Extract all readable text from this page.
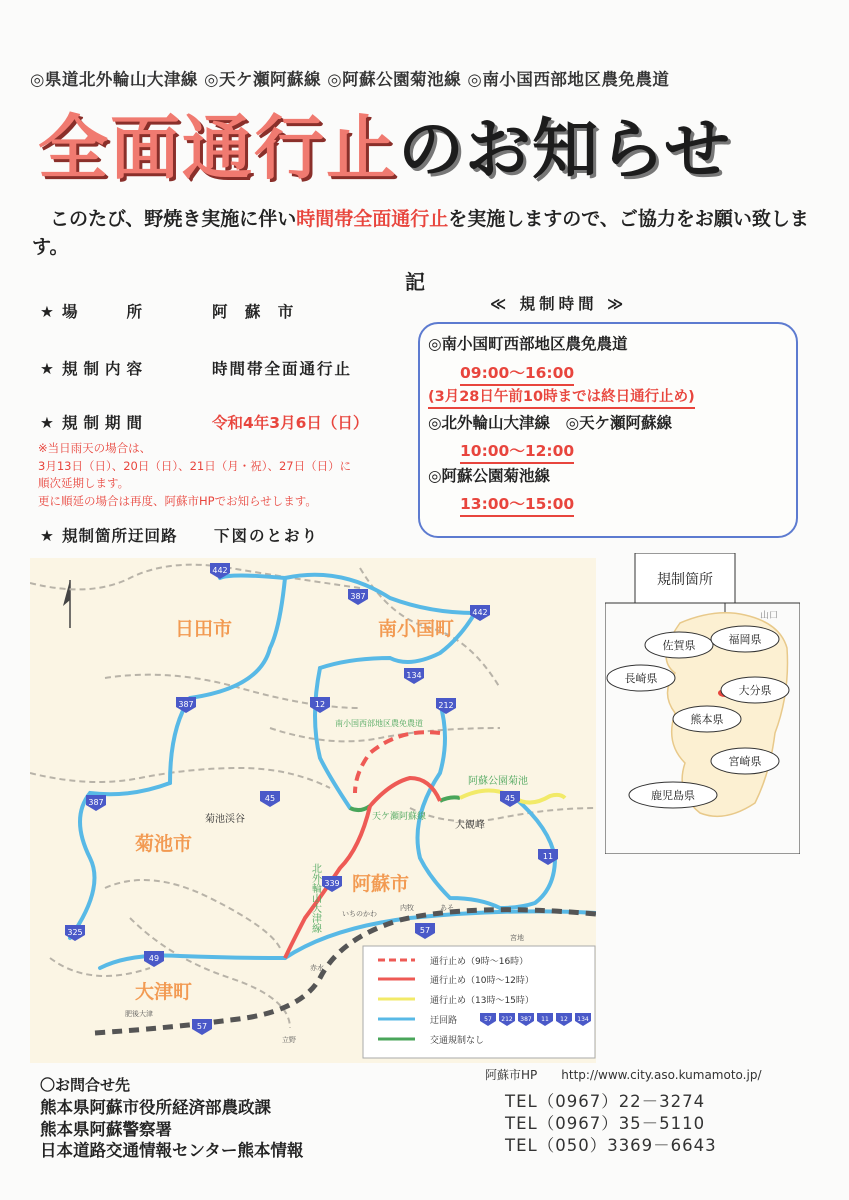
◎県道北外輪山大津線 ◎天ケ瀬阿蘇線 ◎阿蘇公園菊池線 ◎南小国西部地区農免農道
全面通行止のお知らせ
このたび、野焼き実施に伴い時間帯全面通行止を実施しますので、ご協力をお願い致します。
記
★ 場　　所	阿 蘇 市
★ 規制内容	時間帯全面通行止
★ 規制期間	令和4年3月6日（日）
※当日雨天の場合は、
3月13日（日）、20日（日）、21日（月・祝）、27日（日）に
順次延期します。
更に順延の場合は再度、阿蘇市HPでお知らせします。
★ 規制箇所迂回路 下図のとおり
≪ 規制時間 ≫
◎南小国町西部地区農免農道
09:00～16:00
(3月28日午前10時までは終日通行止め)
◎北外輪山大津線　◎天ケ瀬阿蘇線
10:00～12:00
◎阿蘇公園菊池線
13:00～15:00
442
387
442
134
12	212
387	45
387
45
11
339
57
325
49
57
日田市	南小国町
菊池市
阿蘇市
大津町
菊池渓谷
大観峰
南小国西部地区農免農道
阿蘇公園菊池
天ケ瀬阿蘇線
北外輪山大津線	いちのかわ
内牧	あそ
宮地
赤水
肥後大津
立野
通行止め（9時～16時）
通行止め（10時～12時）
通行止め（13時～15時）
迂回路	57 212 387 11 12 134
交通規制なし
規制箇所
山口
佐賀県	福岡県
長崎県
大分県
熊本県
宮崎県
鹿児島県
〇お問合せ先
熊本県阿蘇市役所経済部農政課
熊本県阿蘇警察署
日本道路交通情報センター熊本情報
阿蘇市HP http://www.city.aso.kumamoto.jp/
TEL（0967）22－3274
TEL（0967）35－5110
TEL（050）3369－6643
